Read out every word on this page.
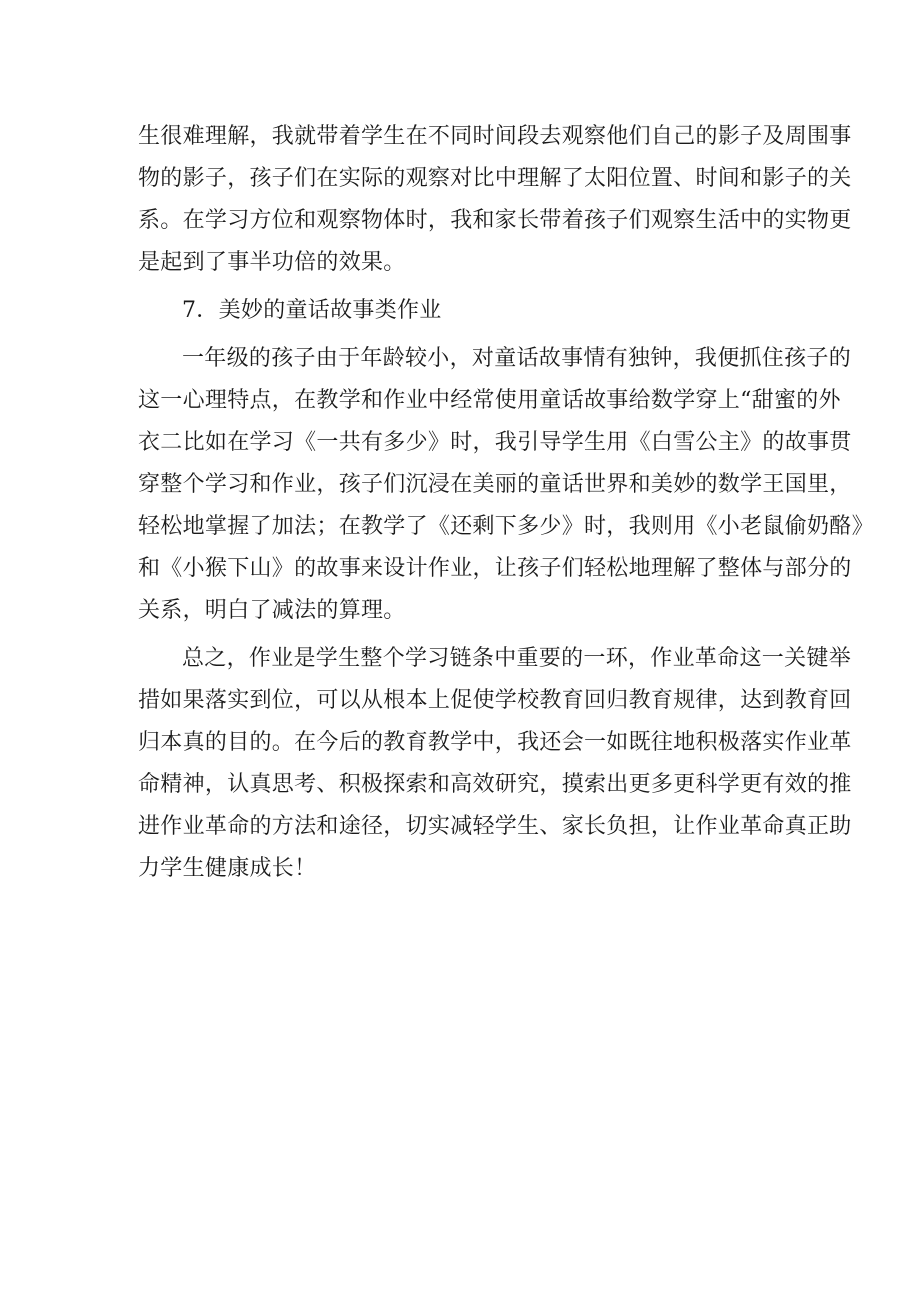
生很难理解，我就带着学生在不同时间段去观察他们自己的影子及周围事
物的影子，孩子们在实际的观察对比中理解了太阳位置、时间和影子的关
系。在学习方位和观察物体时，我和家长带着孩子们观察生活中的实物更
是起到了事半功倍的效果。
7．美妙的童话故事类作业
一年级的孩子由于年龄较小，对童话故事情有独钟，我便抓住孩子的
这一心理特点，在教学和作业中经常使用童话故事给数学穿上“甜蜜的外
衣二比如在学习《一共有多少》时，我引导学生用《白雪公主》的故事贯
穿整个学习和作业，孩子们沉浸在美丽的童话世界和美妙的数学王国里，
轻松地掌握了加法；在教学了《还剩下多少》时，我则用《小老鼠偷奶酪》
和《小猴下山》的故事来设计作业，让孩子们轻松地理解了整体与部分的
关系，明白了减法的算理。
总之，作业是学生整个学习链条中重要的一环，作业革命这一关键举
措如果落实到位，可以从根本上促使学校教育回归教育规律，达到教育回
归本真的目的。在今后的教育教学中，我还会一如既往地积极落实作业革
命精神，认真思考、积极探索和高效研究，摸索出更多更科学更有效的推
进作业革命的方法和途径，切实减轻学生、家长负担，让作业革命真正助
力学生健康成长！
